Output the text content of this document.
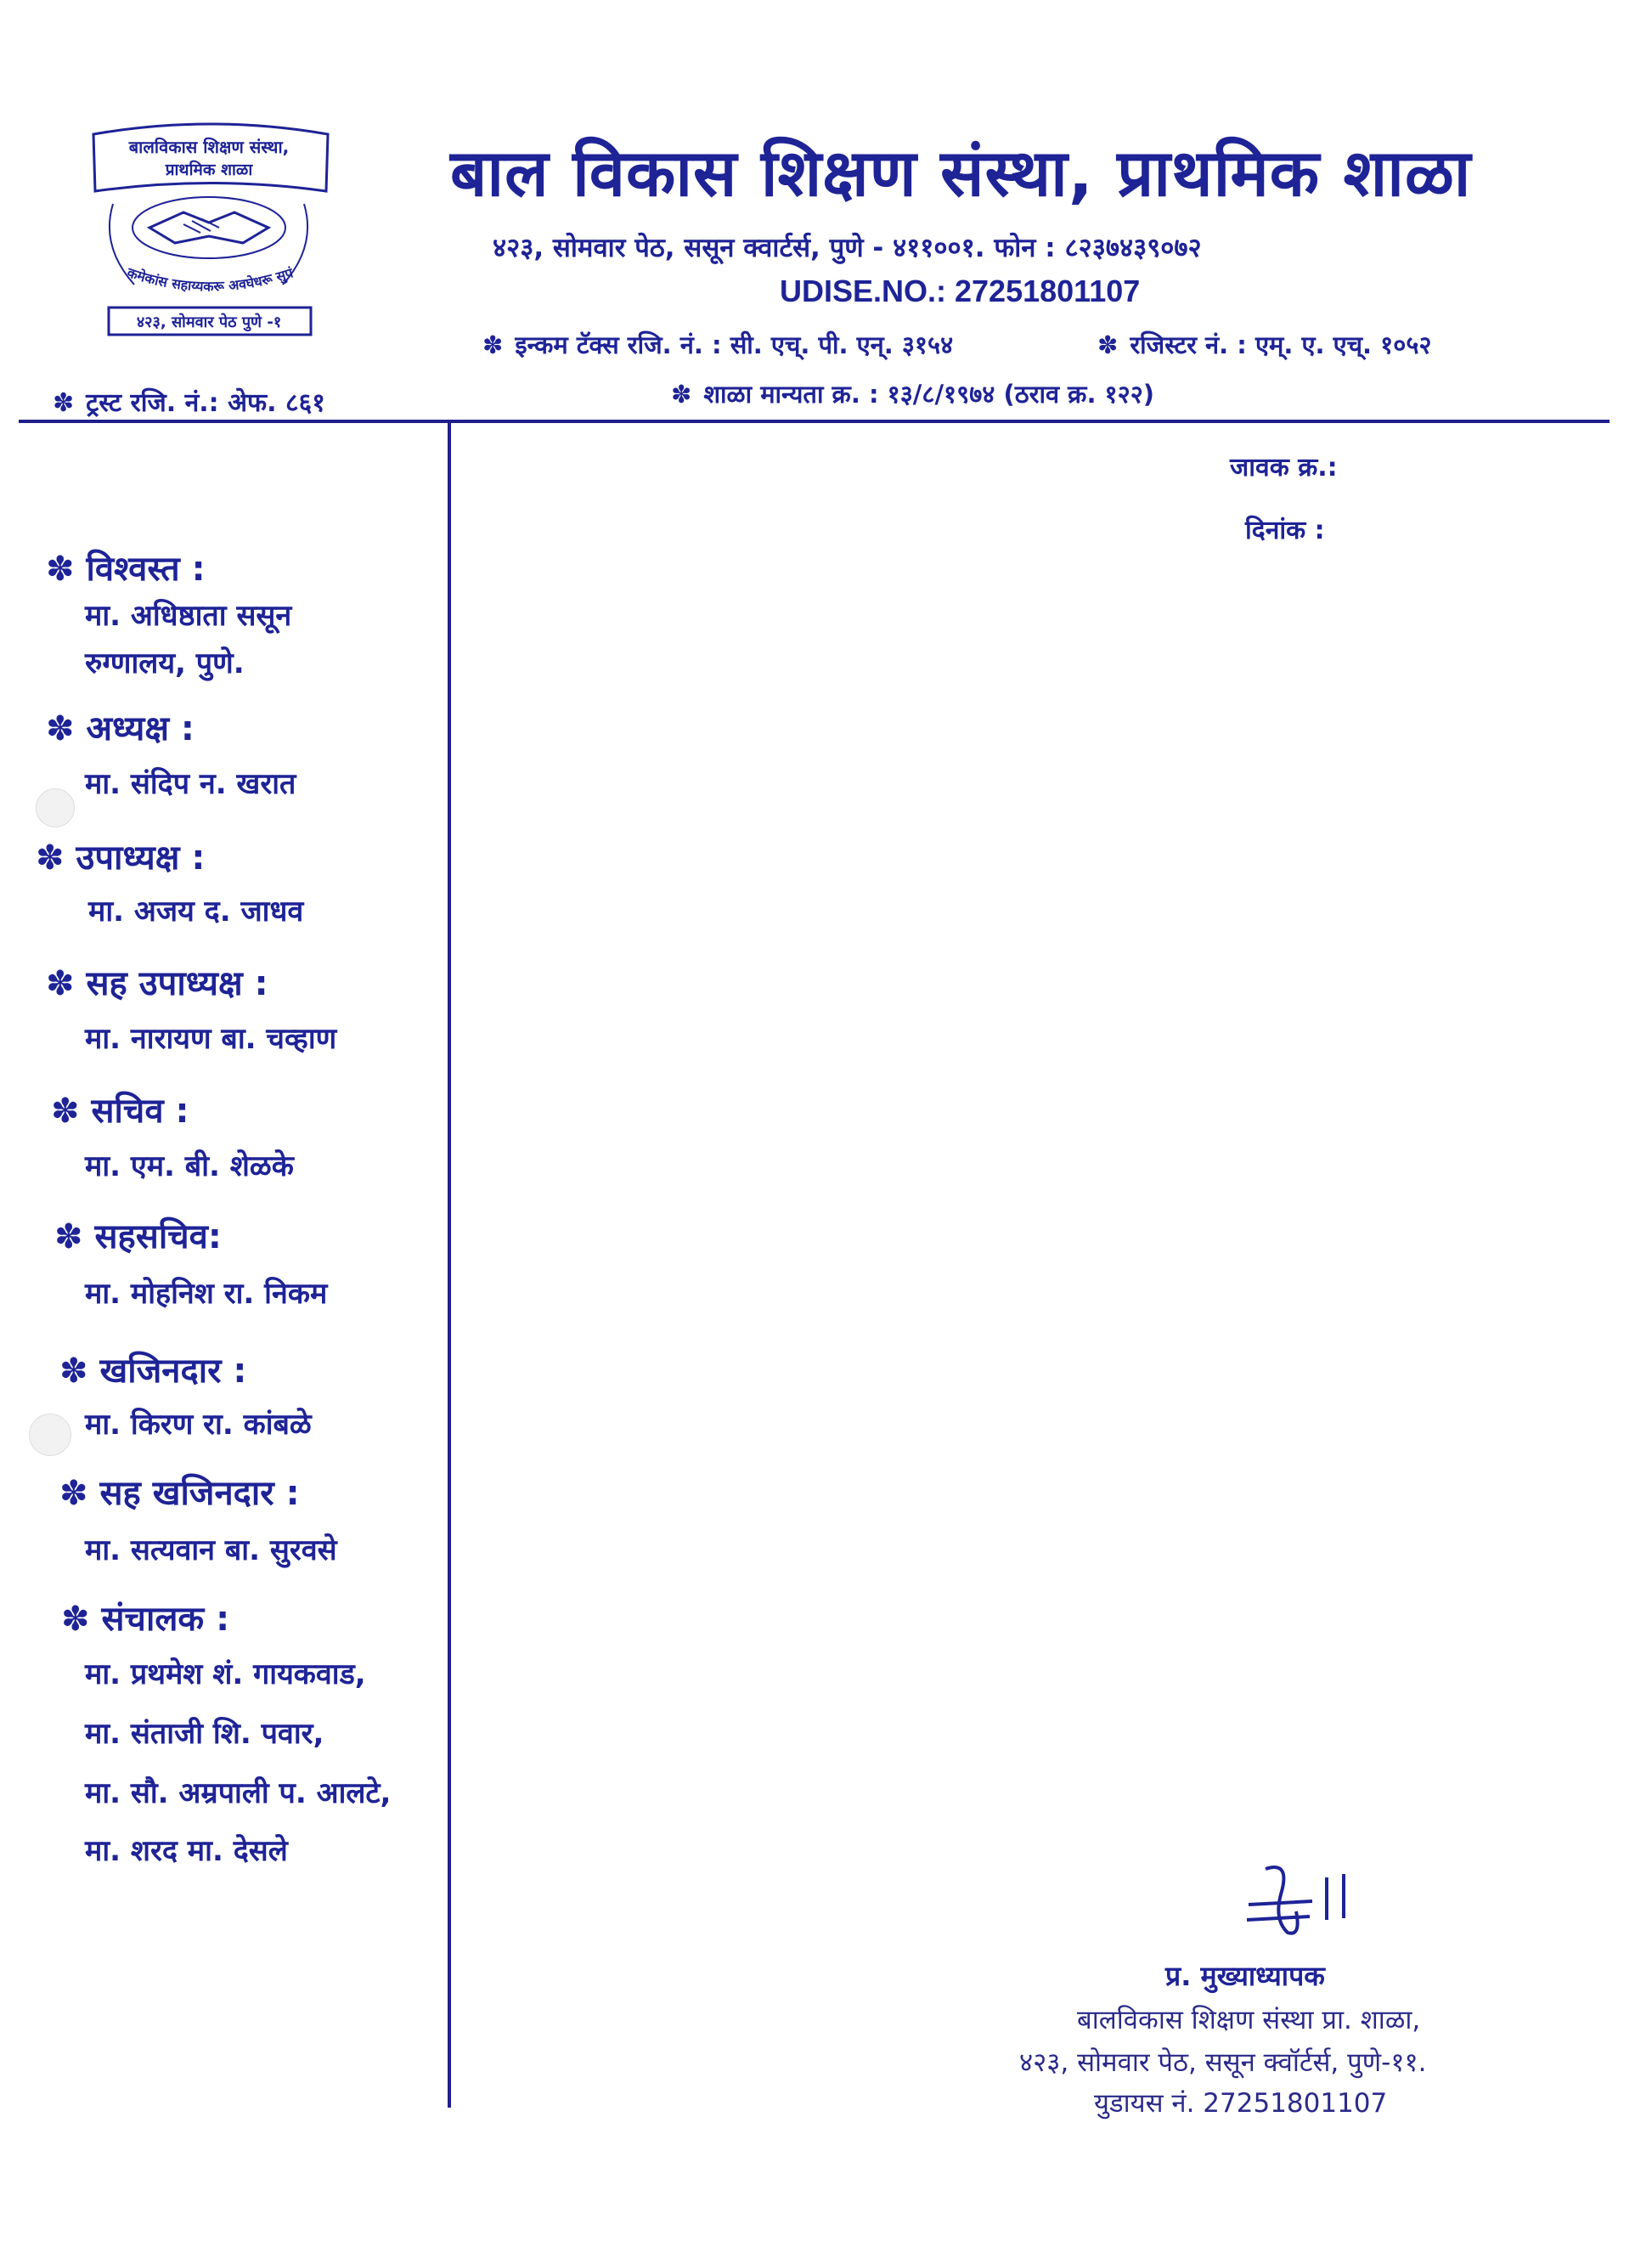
बालविकास शिक्षण संस्था,
प्राथमिक शाळा
कमेकांस सहाय्यकरू अवघेधरू सुपं
४२३, सोमवार पेठ पुणे -१
बाल विकास शिक्षण संस्था, प्राथमिक शाळा
४२३, सोमवार पेठ, ससून क्वार्टर्स, पुणे - ४११००१. फोन : ८२३७४३९०७२
UDISE.NO.: 27251801107
✽ इन्कम टॅक्स रजि. नं. : सी. एच्. पी. एन्. ३१५४	✽ रजिस्टर नं. : एम्. ए. एच्. १०५२
✽ शाळा मान्यता क्र. : १३/८/१९७४ (ठराव क्र. १२२)
✽ ट्रस्ट रजि. नं.: अेफ. ८६१
✽ विश्वस्त :
मा. अधिष्ठाता ससून
रुग्णालय, पुणे.
✽ अध्यक्ष :
मा. संदिप न. खरात
✽ उपाध्यक्ष :
मा. अजय द. जाधव
✽ सह उपाध्यक्ष :
मा. नारायण बा. चव्हाण
✽ सचिव :
मा. एम. बी. शेळके
✽ सहसचिव:
मा. मोहनिश रा. निकम
✽ खजिनदार :
मा. किरण रा. कांबळे
✽ सह खजिनदार :
मा. सत्यवान बा. सुरवसे
✽ संचालक :
मा. प्रथमेश शं. गायकवाड,
मा. संताजी शि. पवार,
मा. सौ. अम्रपाली प. आलटे,
मा. शरद मा. देसले
जावक क्र.:
दिनांक :
प्र. मुख्याध्यापक
बालविकास शिक्षण संस्था प्रा. शाळा,
४२३, सोमवार पेठ, ससून क्वॉर्टर्स, पुणे-११.
युडायस नं. 27251801107
